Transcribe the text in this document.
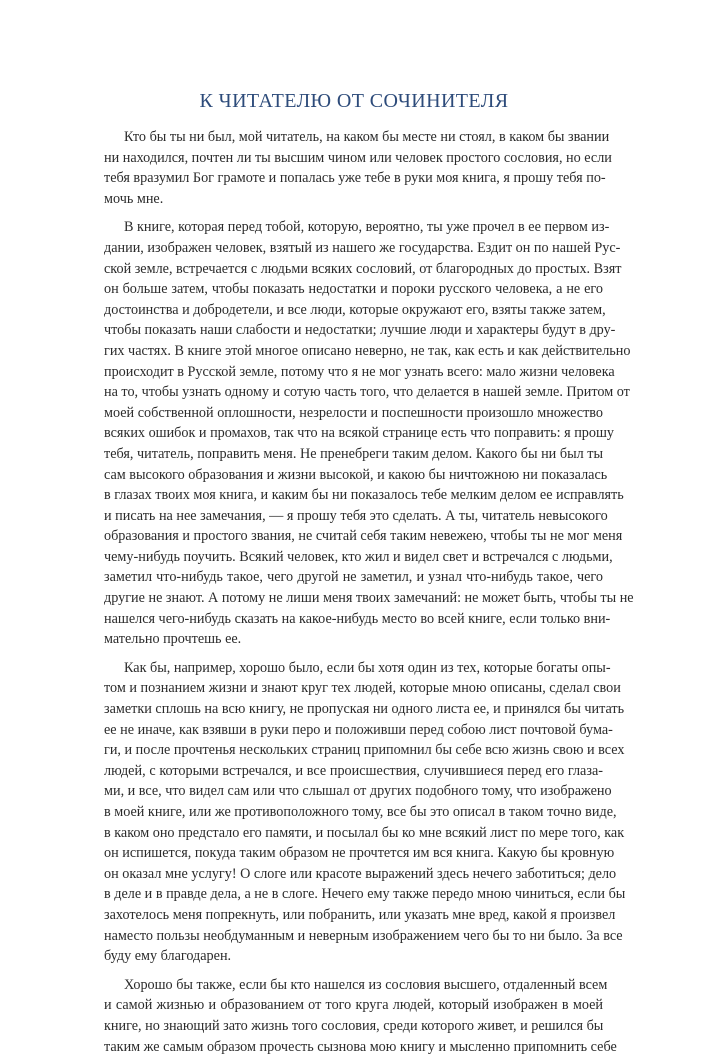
К ЧИТАТЕЛЮ ОТ СОЧИНИТЕЛЯ
Кто бы ты ни был, мой читатель, на каком бы месте ни стоял, в каком бы звании
ни находился, почтен ли ты высшим чином или человек простого сословия, но если
тебя вразумил Бог грамоте и попалась уже тебе в руки моя книга, я прошу тебя по-
мочь мне.
В книге, которая перед тобой, которую, вероятно, ты уже прочел в ее первом из-
дании, изображен человек, взятый из нашего же государства. Ездит он по нашей Рус-
ской земле, встречается с людьми всяких сословий, от благородных до простых. Взят
он больше затем, чтобы показать недостатки и пороки русского человека, а не его
достоинства и добродетели, и все люди, которые окружают его, взяты также затем,
чтобы показать наши слабости и недостатки; лучшие люди и характеры будут в дру-
гих частях. В книге этой многое описано неверно, не так, как есть и как действительно
происходит в Русской земле, потому что я не мог узнать всего: мало жизни человека
на то, чтобы узнать одному и сотую часть того, что делается в нашей земле. Притом от
моей собственной оплошности, незрелости и поспешности произошло множество
всяких ошибок и промахов, так что на всякой странице есть что поправить: я прошу
тебя, читатель, поправить меня. Не пренебреги таким делом. Какого бы ни был ты
сам высокого образования и жизни высокой, и какою бы ничтожною ни показалась
в глазах твоих моя книга, и каким бы ни показалось тебе мелким делом ее исправлять
и писать на нее замечания, — я прошу тебя это сделать. А ты, читатель невысокого
образования и простого звания, не считай себя таким невежею, чтобы ты не мог меня
чему-нибудь поучить. Всякий человек, кто жил и видел свет и встречался с людьми,
заметил что-нибудь такое, чего другой не заметил, и узнал что-нибудь такое, чего
другие не знают. А потому не лиши меня твоих замечаний: не может быть, чтобы ты не
нашелся чего-нибудь сказать на какое-нибудь место во всей книге, если только вни-
мательно прочтешь ее.
Как бы, например, хорошо было, если бы хотя один из тех, которые богаты опы-
том и познанием жизни и знают круг тех людей, которые мною описаны, сделал свои
заметки сплошь на всю книгу, не пропуская ни одного листа ее, и принялся бы читать
ее не иначе, как взявши в руки перо и положивши перед собою лист почтовой бума-
ги, и после прочтенья нескольких страниц припомнил бы себе всю жизнь свою и всех
людей, с которыми встречался, и все происшествия, случившиеся перед его глаза-
ми, и все, что видел сам или что слышал от других подобного тому, что изображено
в моей книге, или же противоположного тому, все бы это описал в таком точно виде,
в каком оно предстало его памяти, и посылал бы ко мне всякий лист по мере того, как
он испишется, покуда таким образом не прочтется им вся книга. Какую бы кровную
он оказал мне услугу! О слоге или красоте выражений здесь нечего заботиться; дело
в деле и в правде дела, а не в слоге. Нечего ему также передо мною чиниться, если бы
захотелось меня попрекнуть, или побранить, или указать мне вред, какой я произвел
наместо пользы необдуманным и неверным изображением чего бы то ни было. За все
буду ему благодарен.
Хорошо бы также, если бы кто нашелся из сословия высшего, отдаленный всем
и самой жизнью и образованием от того круга людей, который изображен в моей
книге, но знающий зато жизнь того сословия, среди которого живет, и решился бы
таким же самым образом прочесть сызнова мою книгу и мысленно припомнить себе
